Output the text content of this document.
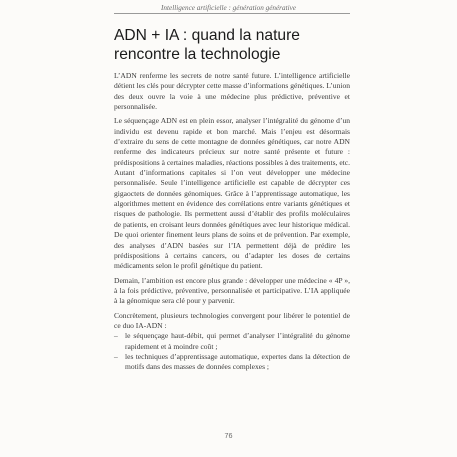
Intelligence artificielle : génération générative
ADN + IA : quand la nature
rencontre la technologie

L’ADN renferme les secrets de notre santé future. L’intelligence artificielle détient les clés pour décrypter cette masse d’informations génétiques. L’union des deux ouvre la voie à une médecine plus prédictive, préventive et personnalisée.

Le séquençage ADN est en plein essor, analyser l’intégralité du génome d’un individu est devenu rapide et bon marché. Mais l’enjeu est désormais d’extraire du sens de cette montagne de données génétiques, car notre ADN renferme des indicateurs précieux sur notre santé présente et future : prédispositions à certaines maladies, réactions possibles à des traitements, etc. Autant d’informations capitales si l’on veut développer une médecine personnalisée. Seule l’intelligence artificielle est capable de décrypter ces gigaoctets de données génomiques. Grâce à l’apprentissage automatique, les algorithmes mettent en évidence des corrélations entre variants génétiques et risques de pathologie. Ils permettent aussi d’établir des profils moléculaires de patients, en croisant leurs données génétiques avec leur historique médical. De quoi orienter finement leurs plans de soins et de prévention. Par exemple, des analyses d’ADN basées sur l’IA permettent déjà de prédire les prédispositions à certains cancers, ou d’adapter les doses de certains médicaments selon le profil génétique du patient.

Demain, l’ambition est encore plus grande : développer une médecine « 4P », à la fois prédictive, préventive, personnalisée et participative. L’IA appliquée à la génomique sera clé pour y parvenir.

Concrètement, plusieurs technologies convergent pour libérer le potentiel de ce duo IA-ADN :

– le séquençage haut-débit, qui permet d’analyser l’intégralité du génome rapidement et à moindre coût ;
– les techniques d’apprentissage automatique, expertes dans la détection de motifs dans des masses de données complexes ;
76
